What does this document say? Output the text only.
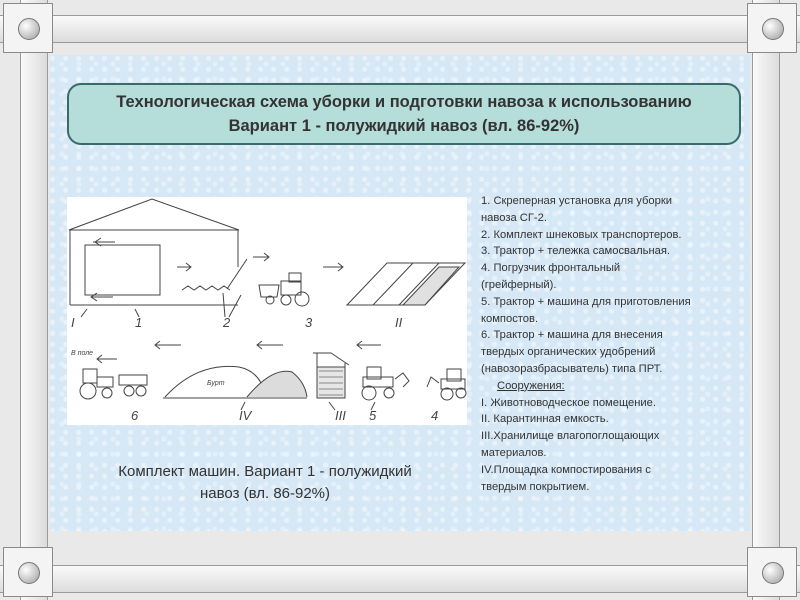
Технологическая схема уборки и подготовки навоза к использованию
Вариант 1 - полужидкий навоз (вл. 86-92%)
I	1	2	3	II
6	IV	III 5	4
В поле
Бурт
1. Скреперная установка для уборки
навоза СГ-2.
2. Комплект шнековых транспортеров.
3. Трактор + тележка самосвальная.
4. Погрузчик фронтальный
(грейферный).
5. Трактор + машина для приготовления
компостов.
6. Трактор + машина для внесения
твердых органических удобрений
(навозоразбрасыватель) типа ПРТ.
Сооружения:
I. Животноводческое помещение.
II. Карантинная емкость.
III.Хранилище влагопоглощающих
материалов.
IV.Площадка компостирования с
твердым покрытием.
Комплект машин. Вариант 1 - полужидкий
навоз (вл. 86-92%)
